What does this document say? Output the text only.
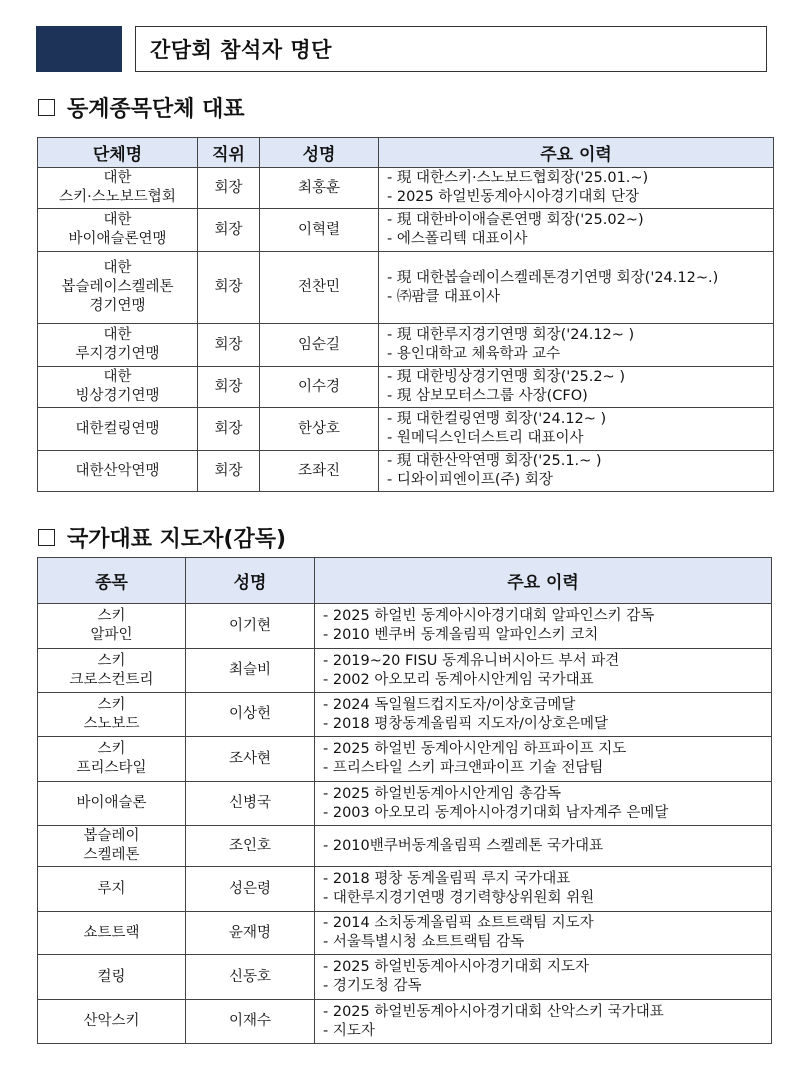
간담회 참석자 명단
동계종목단체 대표
단체명	직위	성명	주요 이력

대한
스키·스노보드협회	회장	최홍훈	- 現 대한스키·스노보드협회장('25.01.~)
- 2025 하얼빈동계아시아경기대회 단장

대한
바이애슬론연맹	회장	이혁렬	- 現 대한바이애슬론연맹 회장('25.02~)
- 에스폴리텍 대표이사

대한
봅슬레이스켈레톤
경기연맹	회장	전찬민	- 現 대한봅슬레이스켈레톤경기연맹 회장('24.12~.)
- ㈜팜클 대표이사

대한
루지경기연맹	회장	임순길	- 現 대한루지경기연맹 회장('24.12~ )
- 용인대학교 체육학과 교수

대한
빙상경기연맹	회장	이수경	- 現 대한빙상경기연맹 회장('25.2~ )
- 現 삼보모터스그룹 사장(CFO)

대한컬링연맹	회장	한상호	- 現 대한컬링연맹 회장('24.12~ )
- 원메딕스인더스트리 대표이사

대한산악연맹	회장	조좌진	- 現 대한산악연맹 회장('25.1.~ )
- 디와이피엔이프(주) 회장
국가대표 지도자(감독)
종목	성명	주요 이력

스키
알파인	이기현	- 2025 하얼빈 동계아시아경기대회 알파인스키 감독
- 2010 벤쿠버 동계올림픽 알파인스키 코치

스키
크로스컨트리	최슬비	- 2019~20 FISU 동계유니버시아드 부서 파견
- 2002 아오모리 동계아시안게임 국가대표

스키
스노보드	이상헌	- 2024 독일월드컵지도자/이상호금메달
- 2018 평창동계올림픽 지도자/이상호은메달

스키
프리스타일	조사현	- 2025 하얼빈 동계아시안게임 하프파이프 지도
- 프리스타일 스키 파크앤파이프 기술 전담팀

바이애슬론	신병국	- 2025 하얼빈동계아시안게임 총감독
- 2003 아오모리 동계아시아경기대회 남자계주 은메달

봅슬레이
스켈레톤	조인호	- 2010밴쿠버동계올림픽 스켈레톤 국가대표

루지	성은령	- 2018 평창 동계올림픽 루지 국가대표
- 대한루지경기연맹 경기력향상위원회 위원

쇼트트랙	윤재명	- 2014 소치동계올림픽 쇼트트랙팀 지도자
- 서울특별시청 쇼트트랙팀 감독

컬링	신동호	- 2025 하얼빈동계아시아경기대회 지도자
- 경기도청 감독

산악스키	이재수	- 2025 하얼빈동계아시아경기대회 산악스키 국가대표
- 지도자
